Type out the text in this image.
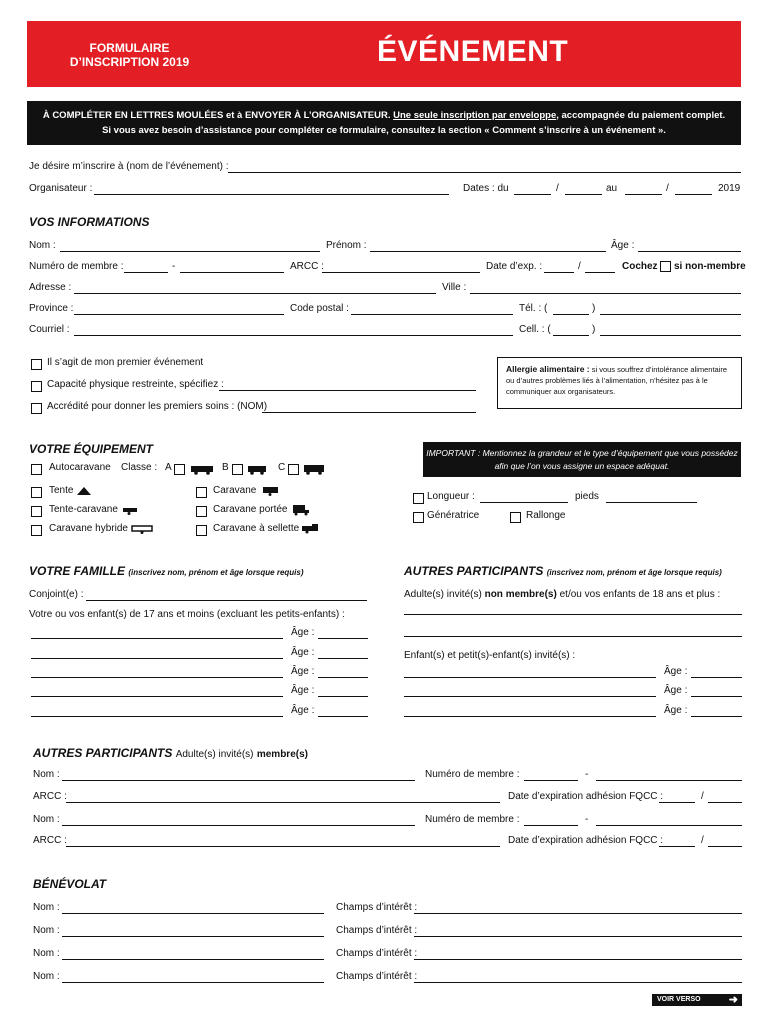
FORMULAIRE
D’INSCRIPTION 2019	ÉVÉNEMENT
À COMPLÉTER EN LETTRES MOULÉES et à ENVOYER À L’ORGANISATEUR. Une seule inscription par enveloppe, accompagnée du paiement complet.
Si vous avez besoin d’assistance pour compléter ce formulaire, consultez la section « Comment s’inscrire à un événement ».
Je désire m’inscrire à (nom de l’événement) :
Organisateur :	Dates : du	/	au	/	2019
VOS INFORMATIONS
Nom :	Prénom :	Âge :
Numéro de membre :	-	ARCC :	Date d’exp. :	/	Cochez si non-membre
Adresse :	Ville :
Province :	Code postal :	Tél. : (	)
Courriel :	Cell. : (	)
Il s’agit de mon premier événement
Capacité physique restreinte, spécifiez :
Accrédité pour donner les premiers soins : (NOM)
Allergie alimentaire : si vous souffrez d’intolérance alimentaire ou d’autres problèmes liés à l’alimentation, n’hésitez pas à le communiquer aux organisateurs.
VOTRE ÉQUIPEMENT
Autocaravane Classe : A	B	C
Tente
Tente-caravane
Caravane hybride
Caravane
Caravane portée
Caravane à sellette
IMPORTANT : Mentionnez la grandeur et le type d’équipement que vous possédez afin que l’on vous assigne un espace adéquat.
Longueur :	pieds
Génératrice	Rallonge
VOTRE FAMILLE (inscrivez nom, prénom et âge lorsque requis)
Conjoint(e) :
Votre ou vos enfant(s) de 17 ans et moins (excluant les petits-enfants) :
Âge :
Âge :
Âge :
Âge :
Âge :
AUTRES PARTICIPANTS (inscrivez nom, prénom et âge lorsque requis)
Adulte(s) invité(s) non membre(s) et/ou vos enfants de 18 ans et plus :
Enfant(s) et petit(s)-enfant(s) invité(s) :
Âge :
Âge :
Âge :
AUTRES PARTICIPANTS Adulte(s) invité(s) membre(s)
Nom :	Numéro de membre :	-
ARCC :	Date d’expiration adhésion FQCC :	/
Nom :	Numéro de membre :	-
ARCC :	Date d’expiration adhésion FQCC :	/
BÉNÉVOLAT
Nom :	Champs d’intérêt :
Nom :	Champs d’intérêt :
Nom :	Champs d’intérêt :
Nom :	Champs d’intérêt :
VOIR VERSO	➜
